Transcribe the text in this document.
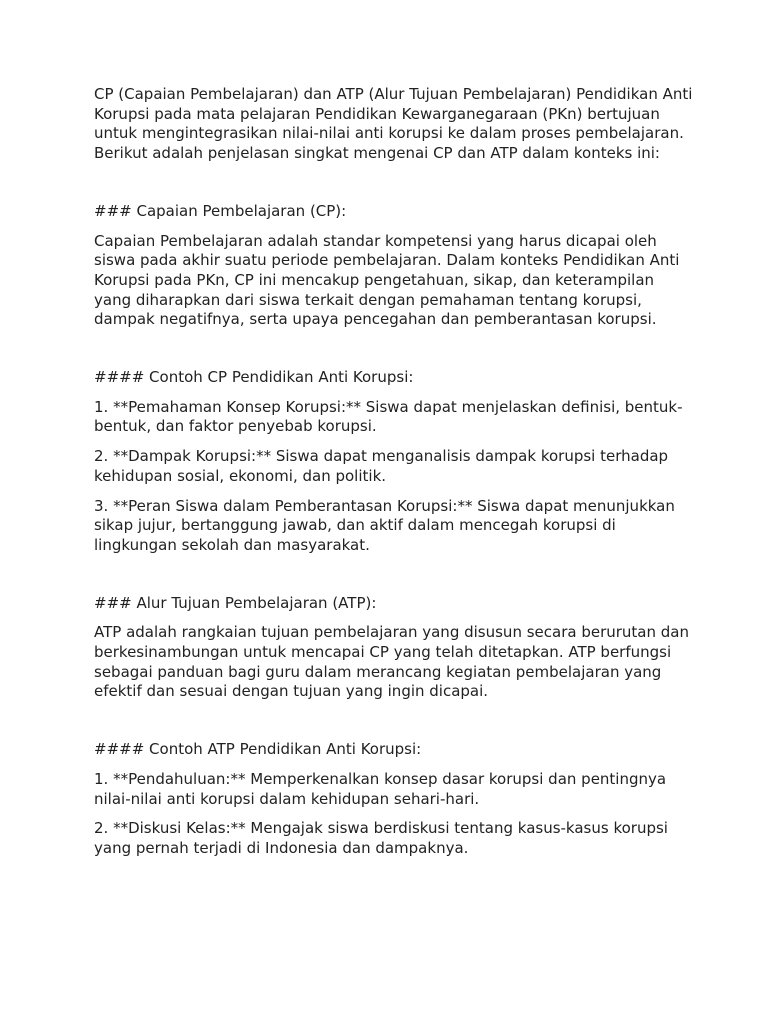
CP (Capaian Pembelajaran) dan ATP (Alur Tujuan Pembelajaran) Pendidikan Anti Korupsi pada mata pelajaran Pendidikan Kewarganegaraan (PKn) bertujuan untuk mengintegrasikan nilai-nilai anti korupsi ke dalam proses pembelajaran. Berikut adalah penjelasan singkat mengenai CP dan ATP dalam konteks ini:

### Capaian Pembelajaran (CP):

Capaian Pembelajaran adalah standar kompetensi yang harus dicapai oleh siswa pada akhir suatu periode pembelajaran. Dalam konteks Pendidikan Anti Korupsi pada PKn, CP ini mencakup pengetahuan, sikap, dan keterampilan yang diharapkan dari siswa terkait dengan pemahaman tentang korupsi, dampak negatifnya, serta upaya pencegahan dan pemberantasan korupsi.

#### Contoh CP Pendidikan Anti Korupsi:

1. **Pemahaman Konsep Korupsi:** Siswa dapat menjelaskan definisi, bentuk-bentuk, dan faktor penyebab korupsi.

2. **Dampak Korupsi:** Siswa dapat menganalisis dampak korupsi terhadap kehidupan sosial, ekonomi, dan politik.

3. **Peran Siswa dalam Pemberantasan Korupsi:** Siswa dapat menunjukkan sikap jujur, bertanggung jawab, dan aktif dalam mencegah korupsi di lingkungan sekolah dan masyarakat.

### Alur Tujuan Pembelajaran (ATP):

ATP adalah rangkaian tujuan pembelajaran yang disusun secara berurutan dan berkesinambungan untuk mencapai CP yang telah ditetapkan. ATP berfungsi sebagai panduan bagi guru dalam merancang kegiatan pembelajaran yang efektif dan sesuai dengan tujuan yang ingin dicapai.

#### Contoh ATP Pendidikan Anti Korupsi:

1. **Pendahuluan:** Memperkenalkan konsep dasar korupsi dan pentingnya nilai-nilai anti korupsi dalam kehidupan sehari-hari.

2. **Diskusi Kelas:** Mengajak siswa berdiskusi tentang kasus-kasus korupsi yang pernah terjadi di Indonesia dan dampaknya.
